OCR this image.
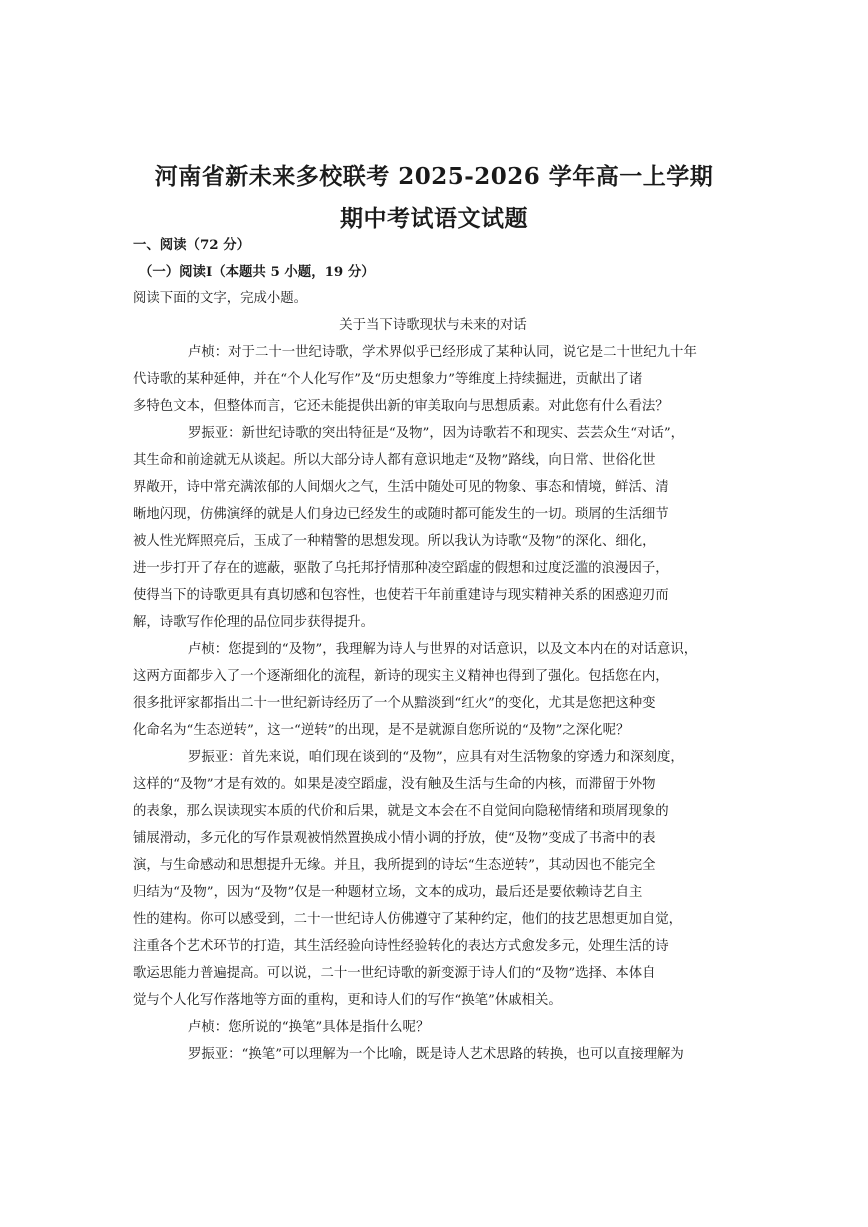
河南省新未来多校联考 2025-2026 学年高一上学期
期中考试语文试题
一、阅读（72 分）
（一）阅读Ⅰ（本题共 5 小题，19 分）
阅读下面的文字，完成小题。
关于当下诗歌现状与未来的对话
卢桢：对于二十一世纪诗歌，学术界似乎已经形成了某种认同，说它是二十世纪九十年
代诗歌的某种延伸，并在“个人化写作”及“历史想象力”等维度上持续掘进，贡献出了诸
多特色文本，但整体而言，它还未能提供出新的审美取向与思想质素。对此您有什么看法？
罗振亚：新世纪诗歌的突出特征是“及物”，因为诗歌若不和现实、芸芸众生“对话”，
其生命和前途就无从谈起。所以大部分诗人都有意识地走“及物”路线，向日常、世俗化世
界敞开，诗中常充满浓郁的人间烟火之气，生活中随处可见的物象、事态和情境，鲜活、清
晰地闪现，仿佛演绎的就是人们身边已经发生的或随时都可能发生的一切。琐屑的生活细节
被人性光辉照亮后，玉成了一种精警的思想发现。所以我认为诗歌“及物”的深化、细化，
进一步打开了存在的遮蔽，驱散了乌托邦抒情那种凌空蹈虚的假想和过度泛滥的浪漫因子，
使得当下的诗歌更具有真切感和包容性，也使若干年前重建诗与现实精神关系的困惑迎刃而
解，诗歌写作伦理的品位同步获得提升。
卢桢：您提到的“及物”，我理解为诗人与世界的对话意识，以及文本内在的对话意识，
这两方面都步入了一个逐渐细化的流程，新诗的现实主义精神也得到了强化。包括您在内，
很多批评家都指出二十一世纪新诗经历了一个从黯淡到“红火”的变化，尤其是您把这种变
化命名为“生态逆转”，这一“逆转”的出现，是不是就源自您所说的“及物”之深化呢？
罗振亚：首先来说，咱们现在谈到的“及物”，应具有对生活物象的穿透力和深刻度，
这样的“及物”才是有效的。如果是凌空蹈虚，没有触及生活与生命的内核，而滞留于外物
的表象，那么误读现实本质的代价和后果，就是文本会在不自觉间向隐秘情绪和琐屑现象的
铺展滑动，多元化的写作景观被悄然置换成小情小调的抒放，使“及物”变成了书斋中的表
演，与生命感动和思想提升无缘。并且，我所提到的诗坛“生态逆转”，其动因也不能完全
归结为“及物”，因为“及物”仅是一种题材立场，文本的成功，最后还是要依赖诗艺自主
性的建构。你可以感受到，二十一世纪诗人仿佛遵守了某种约定，他们的技艺思想更加自觉，
注重各个艺术环节的打造，其生活经验向诗性经验转化的表达方式愈发多元，处理生活的诗
歌运思能力普遍提高。可以说，二十一世纪诗歌的新变源于诗人们的“及物”选择、本体自
觉与个人化写作落地等方面的重构，更和诗人们的写作“换笔”休戚相关。
卢桢：您所说的“换笔”具体是指什么呢？
罗振亚：“换笔”可以理解为一个比喻，既是诗人艺术思路的转换，也可以直接理解为
